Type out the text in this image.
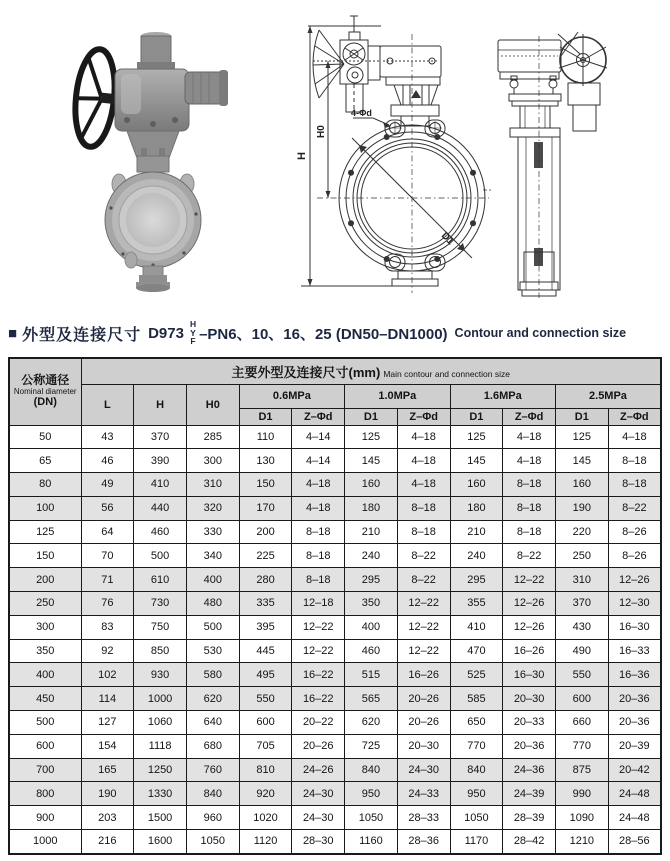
H
H0
4-Φd
D1
■ 外型及连接尺寸 D973
H
Y
F –PN6、10、16、25 (DN50–DN1000) Contour and connection size
公称通径
Nominal diameter
(DN)	主要外型及连接尺寸(mm) Main contour and connection size										
	L	H	H0	0.6MPa		1.0MPa		1.6MPa		2.5MPa	
				D1	Z–Φd	D1	Z–Φd	D1	Z–Φd	D1	Z–Φd
50	43	370	285	110	4–14	125	4–18	125	4–18	125	4–18
65	46	390	300	130	4–14	145	4–18	145	4–18	145	8–18
80	49	410	310	150	4–18	160	4–18	160	8–18	160	8–18
100	56	440	320	170	4–18	180	8–18	180	8–18	190	8–22
125	64	460	330	200	8–18	210	8–18	210	8–18	220	8–26
150	70	500	340	225	8–18	240	8–22	240	8–22	250	8–26
200	71	610	400	280	8–18	295	8–22	295	12–22	310	12–26
250	76	730	480	335	12–18	350	12–22	355	12–26	370	12–30
300	83	750	500	395	12–22	400	12–22	410	12–26	430	16–30
350	92	850	530	445	12–22	460	12–22	470	16–26	490	16–33
400	102	930	580	495	16–22	515	16–26	525	16–30	550	16–36
450	114	1000	620	550	16–22	565	20–26	585	20–30	600	20–36
500	127	1060	640	600	20–22	620	20–26	650	20–33	660	20–36
600	154	1118	680	705	20–26	725	20–30	770	20–36	770	20–39
700	165	1250	760	810	24–26	840	24–30	840	24–36	875	20–42
800	190	1330	840	920	24–30	950	24–33	950	24–39	990	24–48
900	203	1500	960	1020	24–30	1050	28–33	1050	28–39	1090	24–48
1000	216	1600	1050	1120	28–30	1160	28–36	1170	28–42	1210	28–56
